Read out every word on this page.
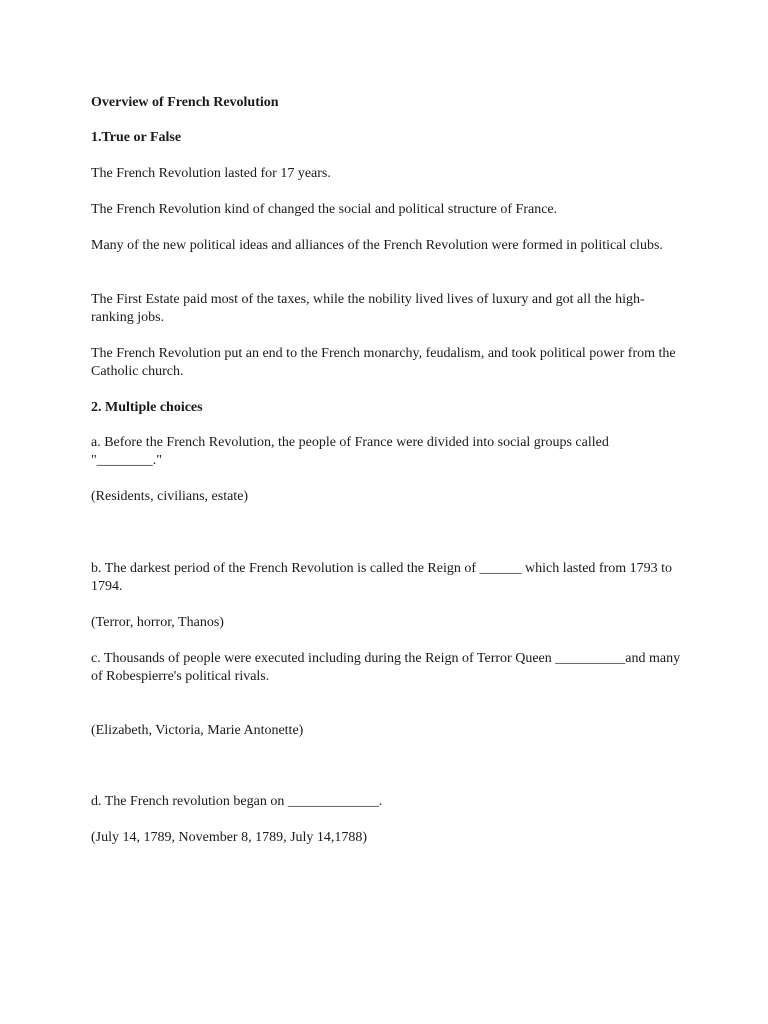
Overview of French Revolution

1.True or False

The French Revolution lasted for 17 years.

The French Revolution kind of changed the social and political structure of France.

Many of the new political ideas and alliances of the French Revolution were formed in political clubs.

The First Estate paid most of the taxes, while the nobility lived lives of luxury and got all the high-ranking jobs.

The French Revolution put an end to the French monarchy, feudalism, and took political power from the Catholic church.

2. Multiple choices

a. Before the French Revolution, the people of France were divided into social groups called "________."

(Residents, civilians, estate)

b. The darkest period of the French Revolution is called the Reign of ______ which lasted from 1793 to 1794.

(Terror, horror, Thanos)

c. Thousands of people were executed including during the Reign of Terror Queen __________and many of Robespierre's political rivals.

(Elizabeth, Victoria, Marie Antonette)

d. The French revolution began on _____________.

(July 14, 1789, November 8, 1789, July 14,1788)
